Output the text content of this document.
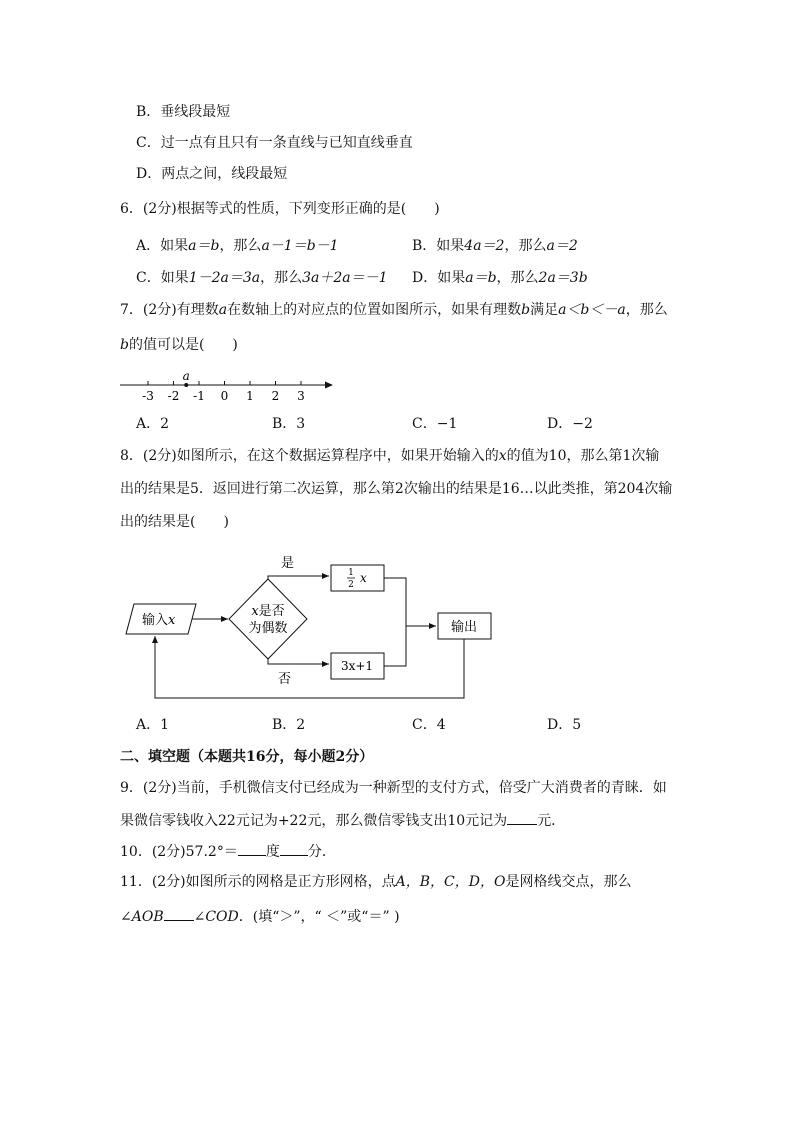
B．垂线段最短
C．过一点有且只有一条直线与已知直线垂直
D．两点之间，线段最短
6．(2分)根据等式的性质，下列变形正确的是(　　)
A．如果a＝b，那么a－1＝b－1	B．如果4a＝2，那么a＝2
C．如果1－2a＝3a，那么3a＋2a＝－1 D．如果a＝b，那么2a＝3b
7．(2分)有理数a在数轴上的对应点的位置如图所示，如果有理数b满足a＜b＜－a，那么
b的值可以是(　　)
-3 -2 -1 0 1 2 3
a
A．2	B．3	C．−1	D．−2
8．(2分)如图所示，在这个数据运算程序中，如果开始输入的x的值为10，那么第1次输
出的结果是5．返回进行第二次运算，那么第2次输出的结果是16…以此类推，第204次输
出的结果是(　　)
输入x
x是否
为偶数
是
否
1
2 x
3x+1
输出
A．1	B．2	C．4	D．5
二、填空题（本题共16分，每小题2分）
9．(2分)当前，手机微信支付已经成为一种新型的支付方式，倍受广大消费者的青睐．如
果微信零钱收入22元记为+22元，那么微信零钱支出10元记为 元．
10．(2分)57.2°＝ 度 分．
11．(2分)如图所示的网格是正方形网格，点A，B，C，D，O是网格线交点，那么
∠AOB ∠COD．(填“＞”，“ ＜”或“＝” )
